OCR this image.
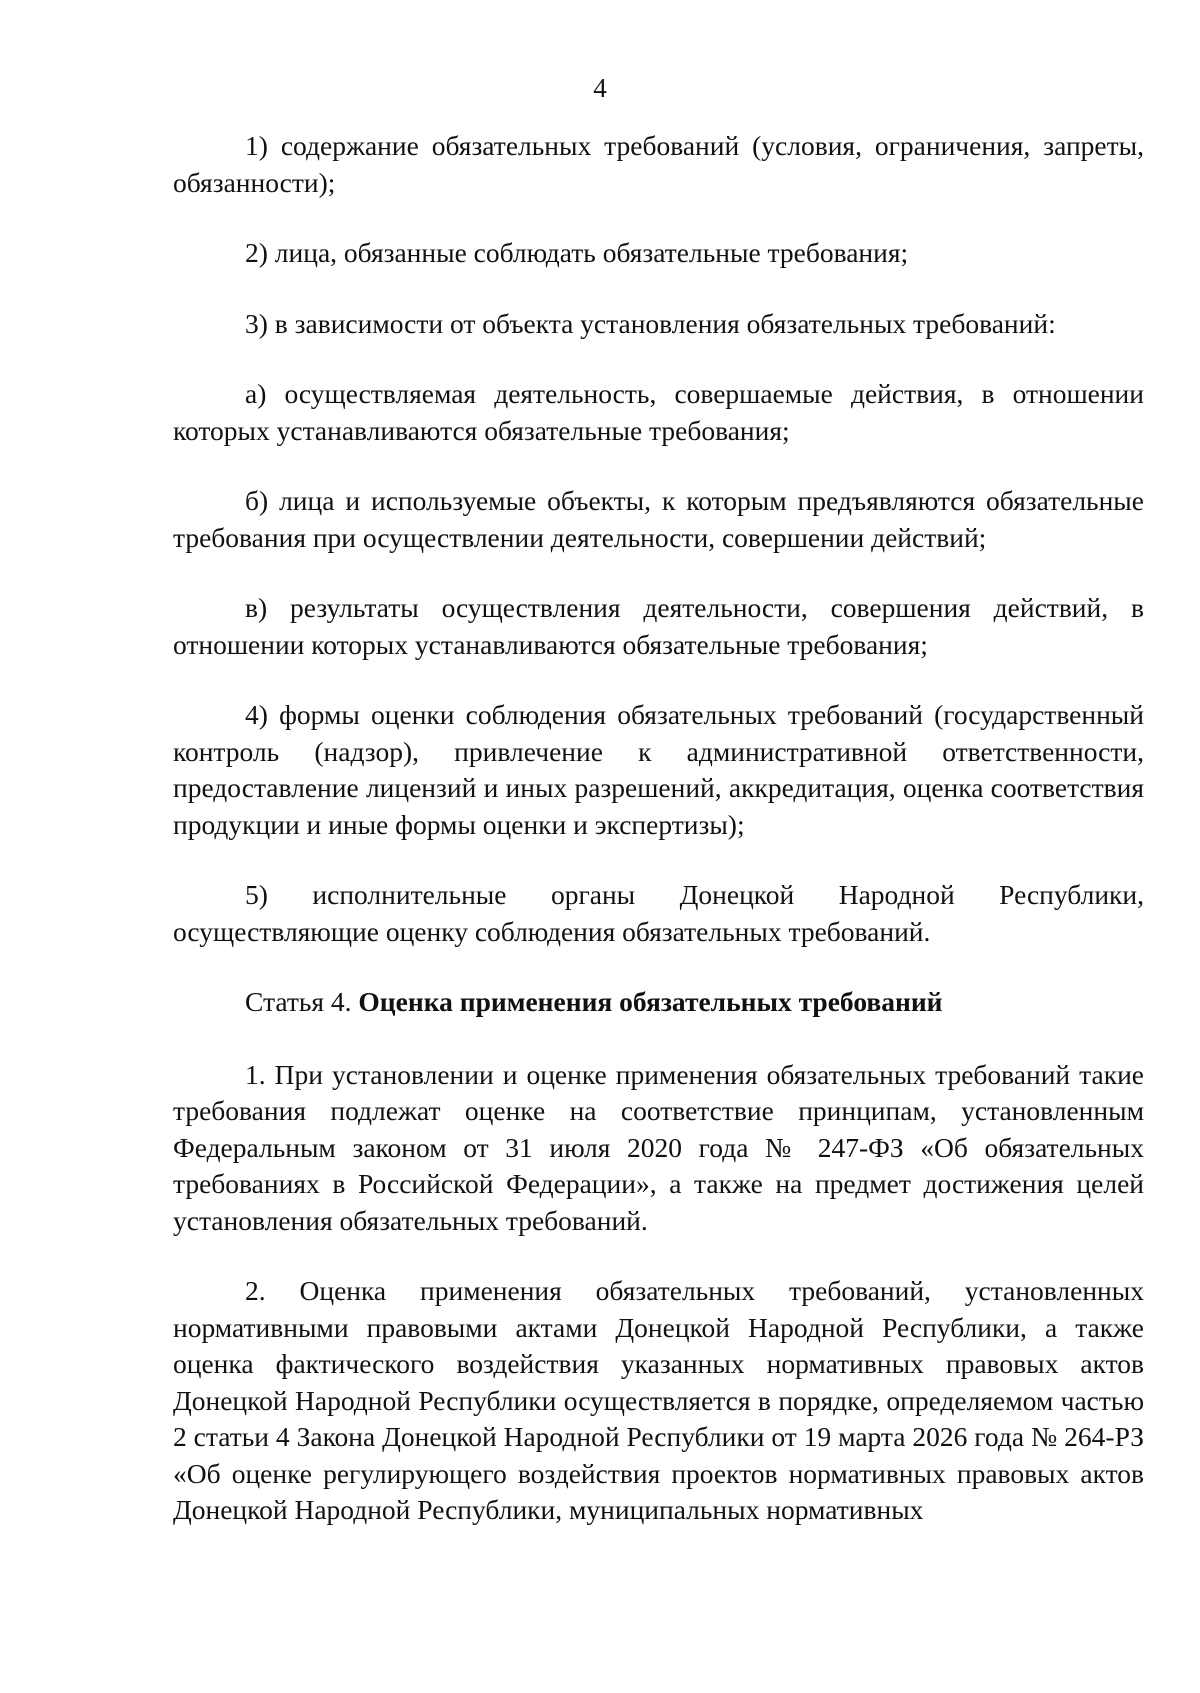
4

1) содержание обязательных требований (условия, ограничения, запреты, обязанности);

2) лица, обязанные соблюдать обязательные требования;

3) в зависимости от объекта установления обязательных требований:

а) осуществляемая деятельность, совершаемые действия, в отношении которых устанавливаются обязательные требования;

б) лица и используемые объекты, к которым предъявляются обязательные требования при осуществлении деятельности, совершении действий;

в) результаты осуществления деятельности, совершения действий, в отношении которых устанавливаются обязательные требования;

4) формы оценки соблюдения обязательных требований (государственный контроль (надзор), привлечение к административной ответственности, предоставление лицензий и иных разрешений, аккредитация, оценка соответствия продукции и иные формы оценки и экспертизы);

5) исполнительные органы Донецкой Народной Республики, осуществляющие оценку соблюдения обязательных требований.

Статья 4. Оценка применения обязательных требований

1. При установлении и оценке применения обязательных требований такие требования подлежат оценке на соответствие принципам, установленным Федеральным законом от 31 июля 2020 года № 247-ФЗ «Об обязательных требованиях в Российской Федерации», а также на предмет достижения целей установления обязательных требований.

2. Оценка применения обязательных требований, установленных нормативными правовыми актами Донецкой Народной Республики, а также оценка фактического воздействия указанных нормативных правовых актов Донецкой Народной Республики осуществляется в порядке, определяемом частью 2 статьи 4 Закона Донецкой Народной Республики от 19 марта 2026 года № 264-РЗ «Об оценке регулирующего воздействия проектов нормативных правовых актов Донецкой Народной Республики, муниципальных нормативных
